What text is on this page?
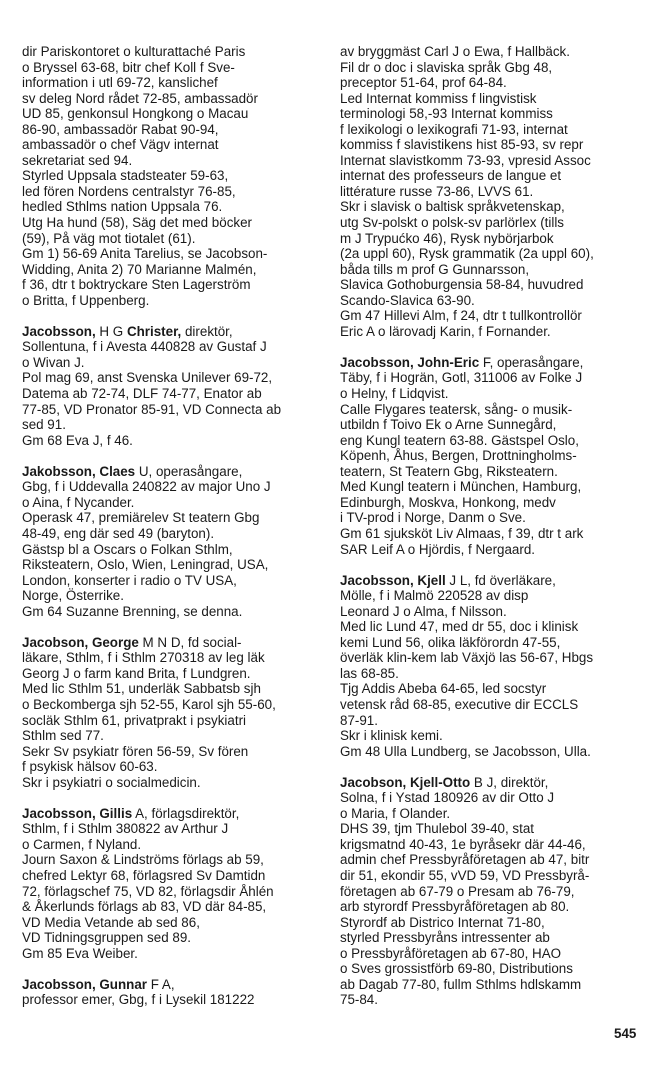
dir Pariskontoret o kulturattaché Paris
o Bryssel 63-68, bitr chef Koll f Sve-
information i utl 69-72, kanslichef
sv deleg Nord rådet 72-85, ambassadör
UD 85, genkonsul Hongkong o Macau
86-90, ambassadör Rabat 90-94,
ambassadör o chef Vägv internat
sekretariat sed 94.
Styrled Uppsala stadsteater 59-63,
led fören Nordens centralstyr 76-85,
hedled Sthlms nation Uppsala 76.
Utg Ha hund (58), Säg det med böcker
(59), På väg mot tiotalet (61).
Gm 1) 56-69 Anita Tarelius, se Jacobson-
Widding, Anita 2) 70 Marianne Malmén,
f 36, dtr t boktryckare Sten Lagerström
o Britta, f Uppenberg.
Jacobsson, H G Christer, direktör,
Sollentuna, f i Avesta 440828 av Gustaf J
o Wivan J.
Pol mag 69, anst Svenska Unilever 69-72,
Datema ab 72-74, DLF 74-77, Enator ab
77-85, VD Pronator 85-91, VD Connecta ab
sed 91.
Gm 68 Eva J, f 46.
Jakobsson, Claes U, operasångare,
Gbg, f i Uddevalla 240822 av major Uno J
o Aina, f Nycander.
Operask 47, premiärelev St teatern Gbg
48-49, eng där sed 49 (baryton).
Gästsp bl a Oscars o Folkan Sthlm,
Riksteatern, Oslo, Wien, Leningrad, USA,
London, konserter i radio o TV USA,
Norge, Österrike.
Gm 64 Suzanne Brenning, se denna.
Jacobson, George M N D, fd social-
läkare, Sthlm, f i Sthlm 270318 av leg läk
Georg J o farm kand Brita, f Lundgren.
Med lic Sthlm 51, underläk Sabbatsb sjh
o Beckomberga sjh 52-55, Karol sjh 55-60,
socläk Sthlm 61, privatprakt i psykiatri
Sthlm sed 77.
Sekr Sv psykiatr fören 56-59, Sv fören
f psykisk hälsov 60-63.
Skr i psykiatri o socialmedicin.
Jacobsson, Gillis A, förlagsdirektör,
Sthlm, f i Sthlm 380822 av Arthur J
o Carmen, f Nyland.
Journ Saxon & Lindströms förlags ab 59,
chefred Lektyr 68, förlagsred Sv Damtidn
72, förlagschef 75, VD 82, förlagsdir Åhlén
& Åkerlunds förlags ab 83, VD där 84-85,
VD Media Vetande ab sed 86,
VD Tidningsgruppen sed 89.
Gm 85 Eva Weiber.
Jacobsson, Gunnar F A,
professor emer, Gbg, f i Lysekil 181222
av bryggmäst Carl J o Ewa, f Hallbäck.
Fil dr o doc i slaviska språk Gbg 48,
preceptor 51-64, prof 64-84.
Led Internat kommiss f lingvistisk
terminologi 58,-93 Internat kommiss
f lexikologi o lexikografi 71-93, internat
kommiss f slavistikens hist 85-93, sv repr
Internat slavistkomm 73-93, vpresid Assoc
internat des professeurs de langue et
littérature russe 73-86, LVVS 61.
Skr i slavisk o baltisk språkvetenskap,
utg Sv-polskt o polsk-sv parlörlex (tills
m J Trypućko 46), Rysk nybörjarbok
(2a uppl 60), Rysk grammatik (2a uppl 60),
båda tills m prof G Gunnarsson,
Slavica Gothoburgensia 58-84, huvudred
Scando-Slavica 63-90.
Gm 47 Hillevi Alm, f 24, dtr t tullkontrollör
Eric A o lärovadj Karin, f Fornander.
Jacobsson, John-Eric F, operasångare,
Täby, f i Hogrän, Gotl, 311006 av Folke J
o Helny, f Lidqvist.
Calle Flygares teatersk, sång- o musik-
utbildn f Toivo Ek o Arne Sunnegård,
eng Kungl teatern 63-88. Gästspel Oslo,
Köpenh, Åhus, Bergen, Drottningholms-
teatern, St Teatern Gbg, Riksteatern.
Med Kungl teatern i München, Hamburg,
Edinburgh, Moskva, Honkong, medv
i TV-prod i Norge, Danm o Sve.
Gm 61 sjuksköt Liv Almaas, f 39, dtr t ark
SAR Leif A o Hjördis, f Nergaard.
Jacobsson, Kjell J L, fd överläkare,
Mölle, f i Malmö 220528 av disp
Leonard J o Alma, f Nilsson.
Med lic Lund 47, med dr 55, doc i klinisk
kemi Lund 56, olika läkförordn 47-55,
överläk klin-kem lab Växjö las 56-67, Hbgs
las 68-85.
Tjg Addis Abeba 64-65, led socstyr
vetensk råd 68-85, executive dir ECCLS
87-91.
Skr i klinisk kemi.
Gm 48 Ulla Lundberg, se Jacobsson, Ulla.
Jacobson, Kjell-Otto B J, direktör,
Solna, f i Ystad 180926 av dir Otto J
o Maria, f Olander.
DHS 39, tjm Thulebol 39-40, stat
krigsmatnd 40-43, 1e byråsekr där 44-46,
admin chef Pressbyråföretagen ab 47, bitr
dir 51, ekondir 55, vVD 59, VD Pressbyrå-
företagen ab 67-79 o Presam ab 76-79,
arb styrordf Pressbyråföretagen ab 80.
Styrordf ab Districo Internat 71-80,
styrled Pressbyråns intressenter ab
o Pressbyråföretagen ab 67-80, HAO
o Sves grossistförb 69-80, Distributions
ab Dagab 77-80, fullm Sthlms hdlskamm
75-84.
545
